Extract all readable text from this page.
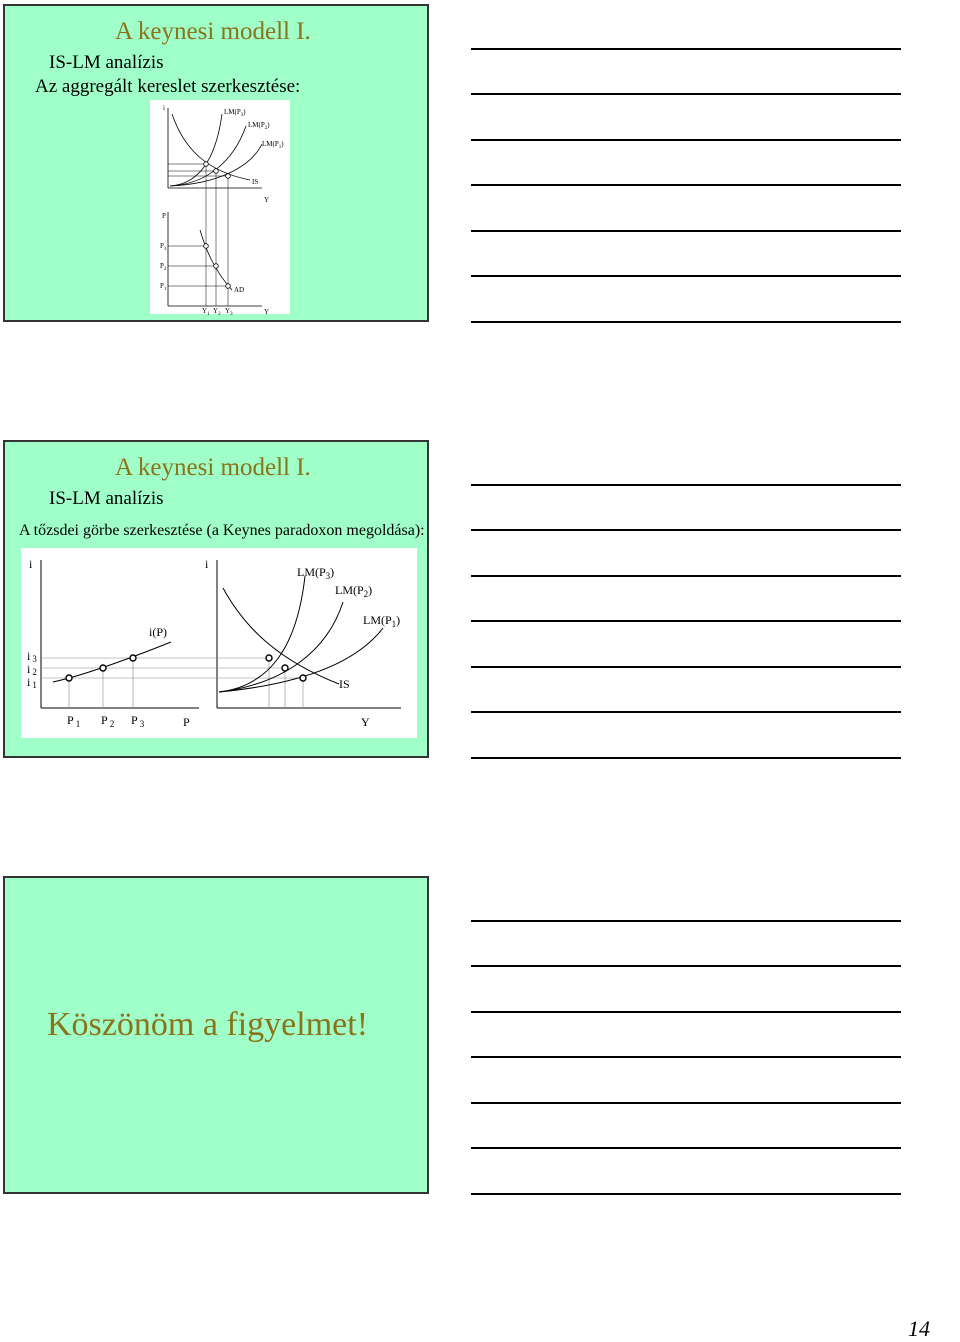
A keynesi modell I.
IS-LM analízis
Az aggregált kereslet szerkesztése:
i
Y
$LM(P_3)$
$LM(P_2)$
$LM(P_1)$
IS
P
Y
$P_3$
$P_2$
$P_1$	AD
$Y_1$ $Y_2$ $Y_3$
A keynesi modell I.
IS-LM analízis
A tőzsdei görbe szerkesztése (a Keynes paradoxon megoldása):
i
P
i(P)
i 3
i 2
i 1
P $_1$ P $_2$ P $_3$
i
Y
$LM(P_3)$
$LM(P_2)$
$LM(P_1)$
IS
Köszönöm a figyelmet!
14
